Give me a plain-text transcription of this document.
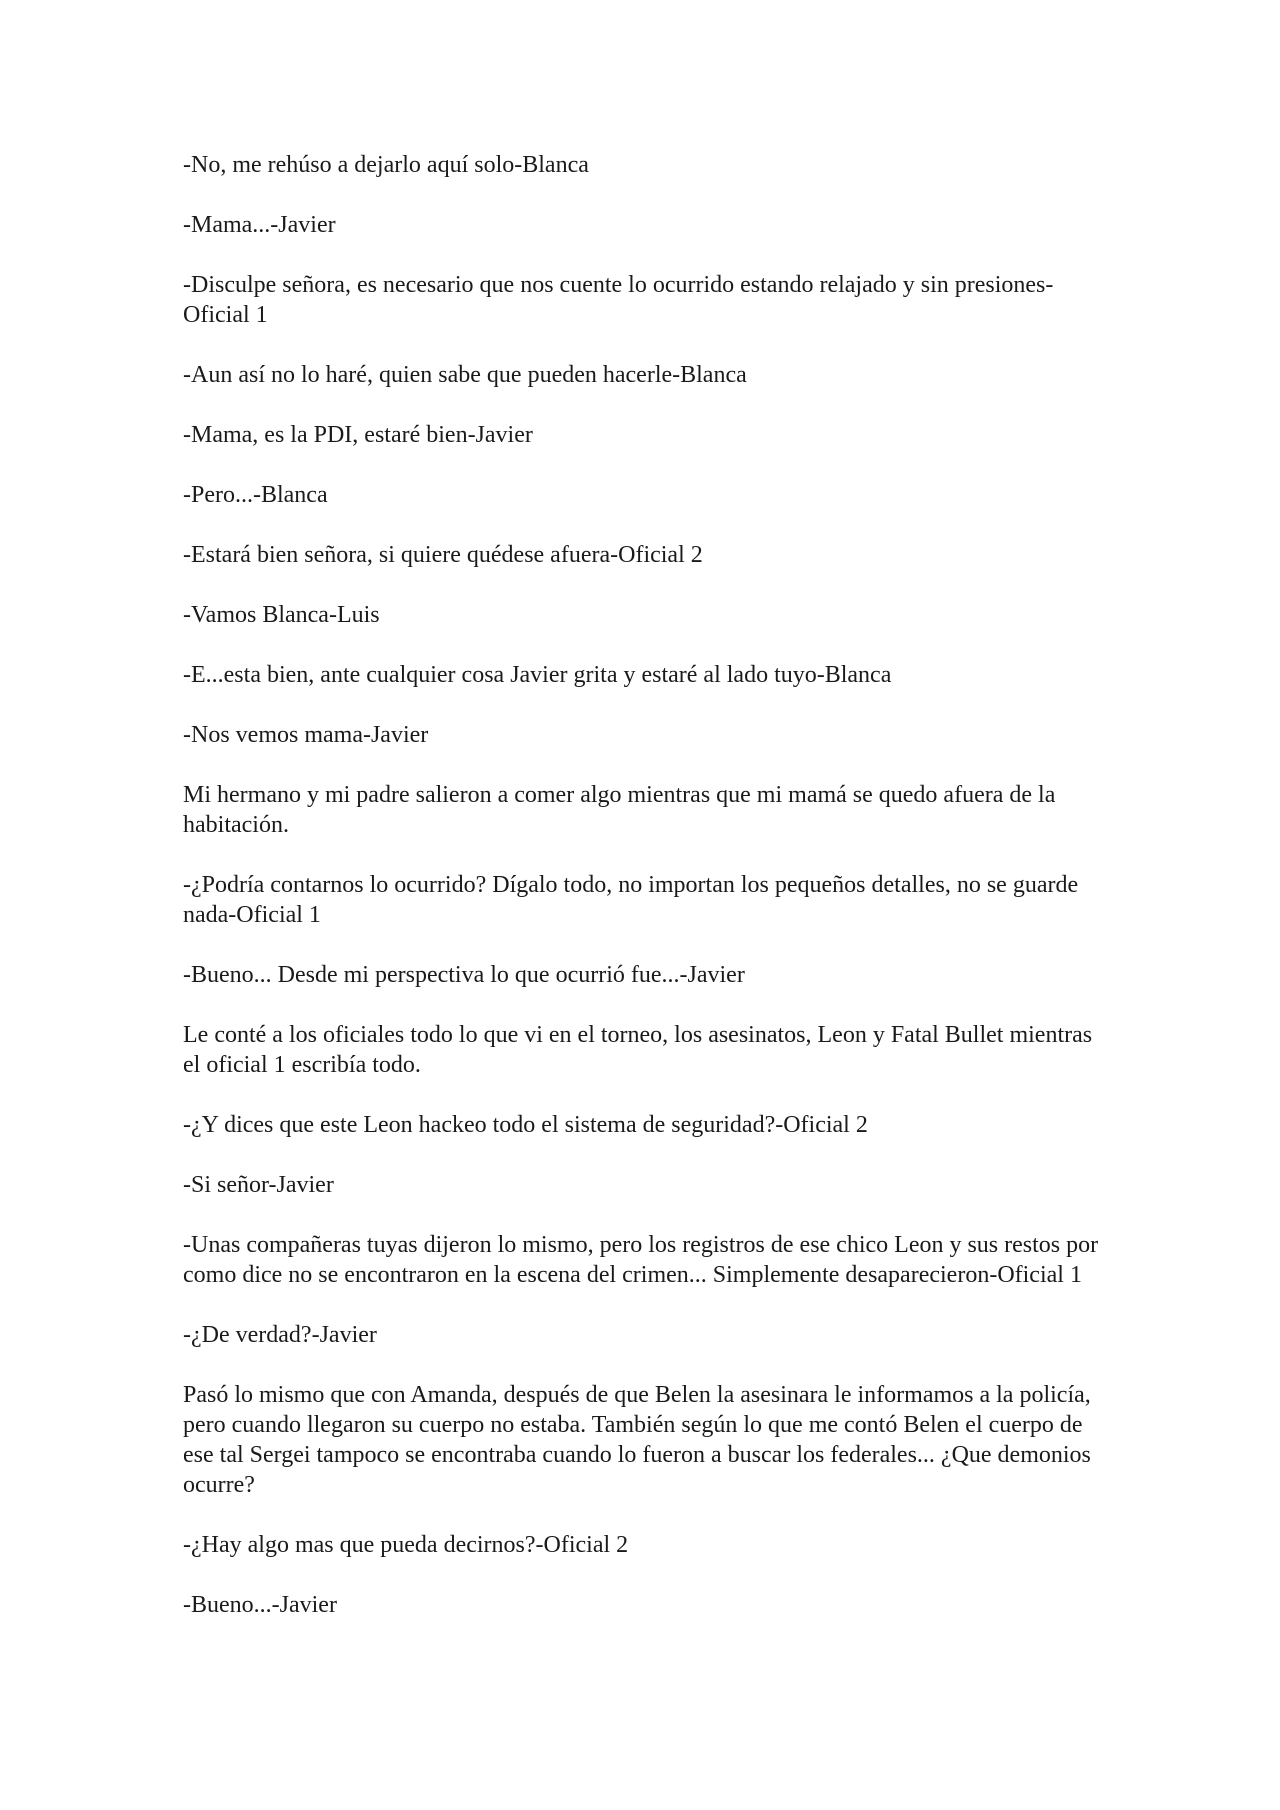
-No, me rehúso a dejarlo aquí solo-Blanca

-Mama...-Javier

-Disculpe señora, es necesario que nos cuente lo ocurrido estando relajado y sin presiones-Oficial 1

-Aun así no lo haré, quien sabe que pueden hacerle-Blanca

-Mama, es la PDI, estaré bien-Javier

-Pero...-Blanca

-Estará bien señora, si quiere quédese afuera-Oficial 2

-Vamos Blanca-Luis

-E...esta bien, ante cualquier cosa Javier grita y estaré al lado tuyo-Blanca

-Nos vemos mama-Javier

Mi hermano y mi padre salieron a comer algo mientras que mi mamá se quedo afuera de la habitación.

-¿Podría contarnos lo ocurrido? Dígalo todo, no importan los pequeños detalles, no se guarde nada-Oficial 1

-Bueno... Desde mi perspectiva lo que ocurrió fue...-Javier

Le conté a los oficiales todo lo que vi en el torneo, los asesinatos, Leon y Fatal Bullet mientras el oficial 1 escribía todo.

-¿Y dices que este Leon hackeo todo el sistema de seguridad?-Oficial 2

-Si señor-Javier

-Unas compañeras tuyas dijeron lo mismo, pero los registros de ese chico Leon y sus restos por como dice no se encontraron en la escena del crimen... Simplemente desaparecieron-Oficial 1

-¿De verdad?-Javier

Pasó lo mismo que con Amanda, después de que Belen la asesinara le informamos a la policía, pero cuando llegaron su cuerpo no estaba. También según lo que me contó Belen el cuerpo de ese tal Sergei tampoco se encontraba cuando lo fueron a buscar los federales... ¿Que demonios ocurre?

-¿Hay algo mas que pueda decirnos?-Oficial 2

-Bueno...-Javier
